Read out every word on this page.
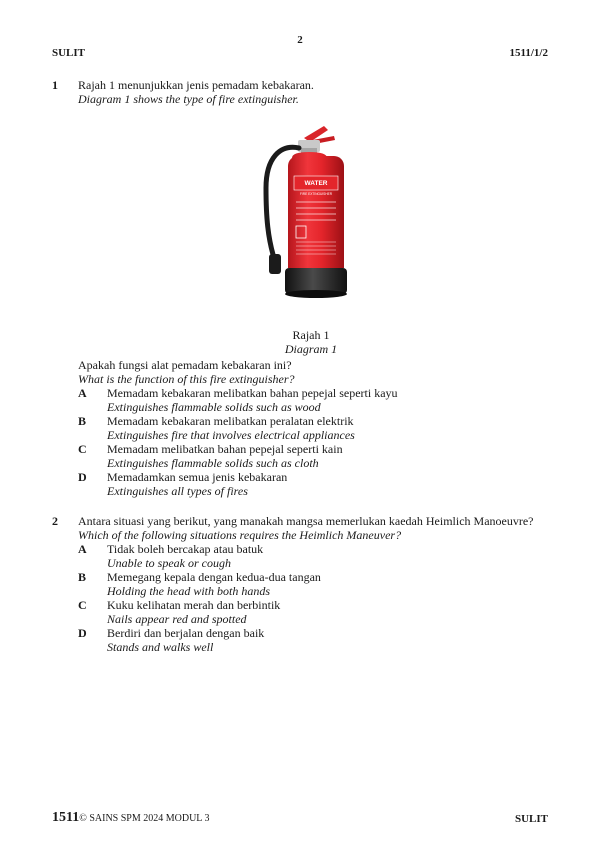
2
SULIT	1511/1/2
1 Rajah 1 menunjukkan jenis pemadam kebakaran.
Diagram 1 shows the type of fire extinguisher.
WATER
FIRE EXTINGUISHER
Rajah 1
Diagram 1
Apakah fungsi alat pemadam kebakaran ini?
What is the function of this fire extinguisher?
A Memadam kebakaran melibatkan bahan pepejal seperti kayu
Extinguishes flammable solids such as wood
B Memadam kebakaran melibatkan peralatan elektrik
Extinguishes fire that involves electrical appliances
C Memadam melibatkan bahan pepejal seperti kain
Extinguishes flammable solids such as cloth
D Memadamkan semua jenis kebakaran
Extinguishes all types of fires
2 Antara situasi yang berikut, yang manakah mangsa memerlukan kaedah Heimlich Manoeuvre?
Which of the following situations requires the Heimlich Maneuver?
A Tidak boleh bercakap atau batuk
Unable to speak or cough
B Memegang kepala dengan kedua-dua tangan
Holding the head with both hands
C Kuku kelihatan merah dan berbintik
Nails appear red and spotted
D Berdiri dan berjalan dengan baik
Stands and walks well
1511© SAINS SPM 2024 MODUL 3	SULIT
